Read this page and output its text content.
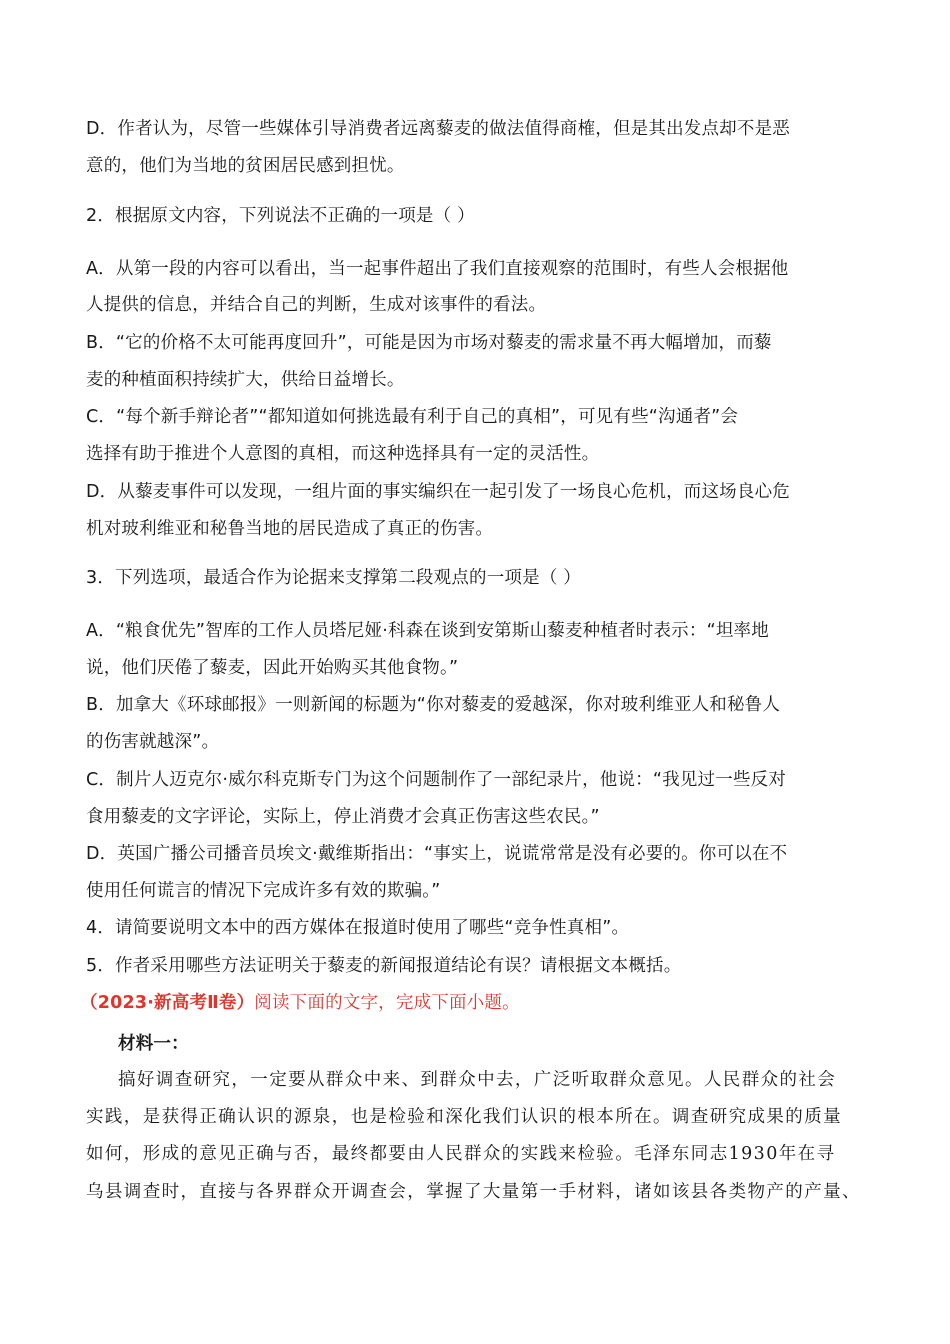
D．作者认为，尽管一些媒体引导消费者远离藜麦的做法值得商榷，但是其出发点却不是恶
意的，他们为当地的贫困居民感到担忧。
2．根据原文内容，下列说法不正确的一项是（ ）
A．从第一段的内容可以看出，当一起事件超出了我们直接观察的范围时，有些人会根据他
人提供的信息，并结合自己的判断，生成对该事件的看法。
B．“它的价格不太可能再度回升”，可能是因为市场对藜麦的需求量不再大幅增加，而藜
麦的种植面积持续扩大，供给日益增长。
C．“每个新手辩论者”“都知道如何挑选最有利于自己的真相”，可见有些“沟通者”会
选择有助于推进个人意图的真相，而这种选择具有一定的灵活性。
D．从藜麦事件可以发现，一组片面的事实编织在一起引发了一场良心危机，而这场良心危
机对玻利维亚和秘鲁当地的居民造成了真正的伤害。
3．下列选项，最适合作为论据来支撑第二段观点的一项是（ ）
A．“粮食优先”智库的工作人员塔尼娅·科森在谈到安第斯山藜麦种植者时表示：“坦率地
说，他们厌倦了藜麦，因此开始购买其他食物。”
B．加拿大《环球邮报》一则新闻的标题为“你对藜麦的爱越深，你对玻利维亚人和秘鲁人
的伤害就越深”。
C．制片人迈克尔·威尔科克斯专门为这个问题制作了一部纪录片，他说：“我见过一些反对
食用藜麦的文字评论，实际上，停止消费才会真正伤害这些农民。”
D．英国广播公司播音员埃文·戴维斯指出：“事实上，说谎常常是没有必要的。你可以在不
使用任何谎言的情况下完成许多有效的欺骗。”
4．请简要说明文本中的西方媒体在报道时使用了哪些“竞争性真相”。
5．作者采用哪些方法证明关于藜麦的新闻报道结论有误？请根据文本概括。
（2023·新高考Ⅱ卷）阅读下面的文字，完成下面小题。
材料一：
搞好调查研究，一定要从群众中来、到群众中去，广泛听取群众意见。人民群众的社会
实践，是获得正确认识的源泉，也是检验和深化我们认识的根本所在。调查研究成果的质量
如何，形成的意见正确与否，最终都要由人民群众的实践来检验。毛泽东同志1930年在寻
乌县调查时，直接与各界群众开调查会，掌握了大量第一手材料，诸如该县各类物产的产量、
